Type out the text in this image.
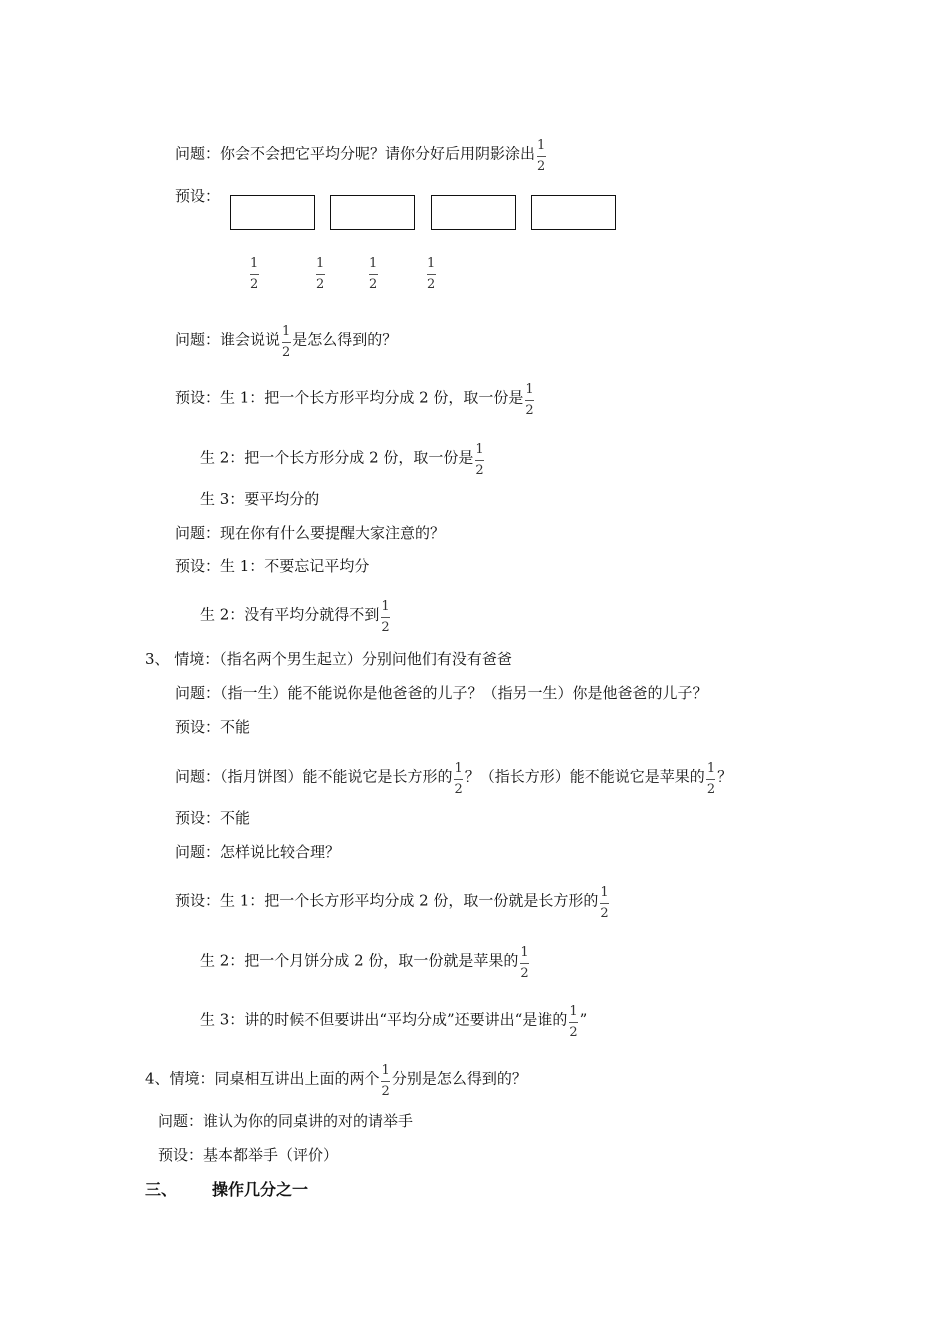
问题：你会不会把它平均分呢？请你分好后用阴影涂出 $\frac{1}{2}$
预设：
$\frac{1}{2}$	$\frac{1}{2}$	$\frac{1}{2}$	$\frac{1}{2}$
问题：谁会说说 $\frac{1}{2}$ 是怎么得到的？
预设：生 1：把一个长方形平均分成 2 份，取一份是 $\frac{1}{2}$
生 2：把一个长方形分成 2 份，取一份是 $\frac{1}{2}$
生 3：要平均分的
问题：现在你有什么要提醒大家注意的？
预设：生 1：不要忘记平均分
生 2：没有平均分就得不到 $\frac{1}{2}$
3、 情境：（指名两个男生起立）分别问他们有没有爸爸
问题：（指一生）能不能说你是他爸爸的儿子？（指另一生）你是他爸爸的儿子？
预设：不能
问题：（指月饼图）能不能说它是长方形的 $\frac{1}{2}$ ？（指长方形）能不能说它是苹果的 $\frac{1}{2}$ ？
预设：不能
问题：怎样说比较合理？
预设：生 1：把一个长方形平均分成 2 份，取一份就是长方形的 $\frac{1}{2}$
生 2：把一个月饼分成 2 份，取一份就是苹果的 $\frac{1}{2}$
生 3：讲的时候不但要讲出“平均分成”还要讲出“是谁的 $\frac{1}{2}$ ”
4、情境：同桌相互讲出上面的两个 $\frac{1}{2}$ 分别是怎么得到的？
问题：谁认为你的同桌讲的对的请举手
预设：基本都举手（评价）
三、 操作几分之一
